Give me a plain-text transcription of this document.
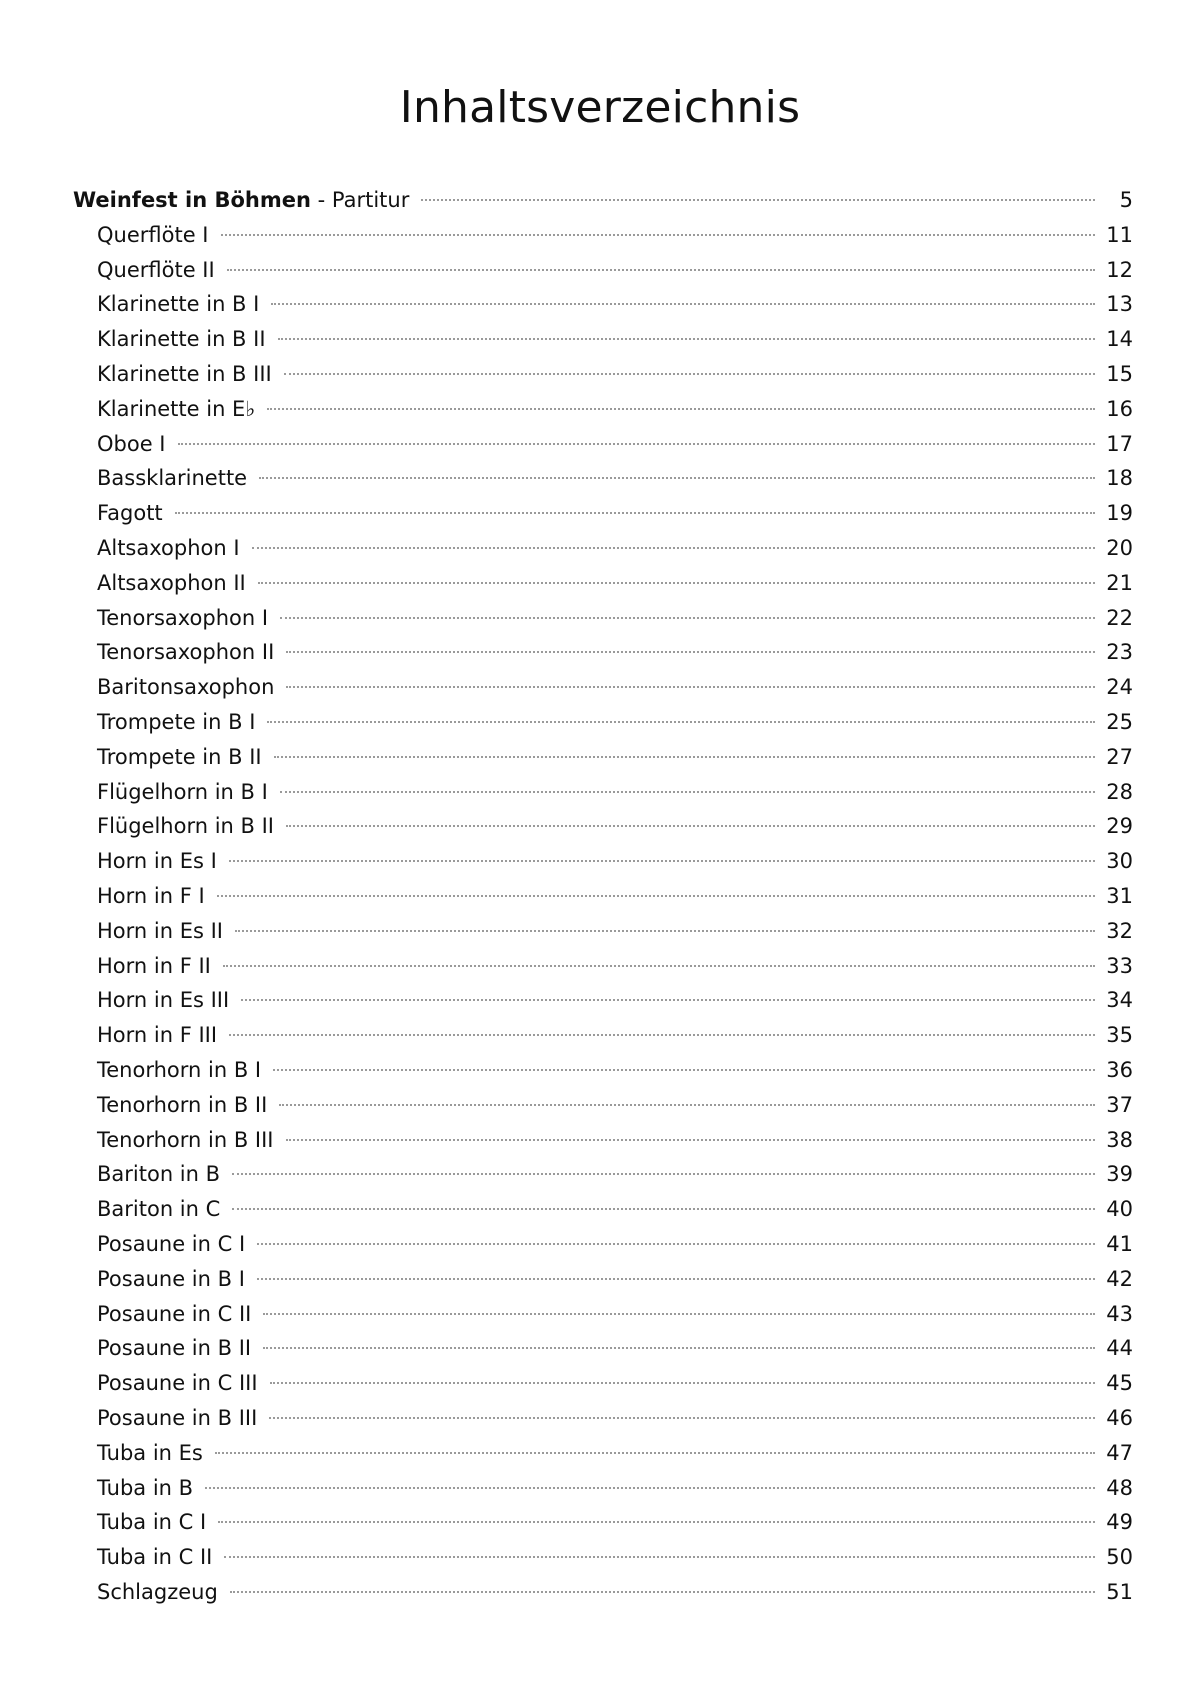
Inhaltsverzeichnis
Weinfest in Böhmen - Partitur	5
Querflöte I	11
Querflöte II	12
Klarinette in B I	13
Klarinette in B II	14
Klarinette in B III	15
Klarinette in E♭	16
Oboe I	17
Bassklarinette	18
Fagott	19
Altsaxophon I	20
Altsaxophon II	21
Tenorsaxophon I	22
Tenorsaxophon II	23
Baritonsaxophon	24
Trompete in B I	25
Trompete in B II	27
Flügelhorn in B I	28
Flügelhorn in B II	29
Horn in Es I	30
Horn in F I	31
Horn in Es II	32
Horn in F II	33
Horn in Es III	34
Horn in F III	35
Tenorhorn in B I	36
Tenorhorn in B II	37
Tenorhorn in B III	38
Bariton in B	39
Bariton in C	40
Posaune in C I	41
Posaune in B I	42
Posaune in C II	43
Posaune in B II	44
Posaune in C III	45
Posaune in B III	46
Tuba in Es	47
Tuba in B	48
Tuba in C I	49
Tuba in C II	50
Schlagzeug	51
